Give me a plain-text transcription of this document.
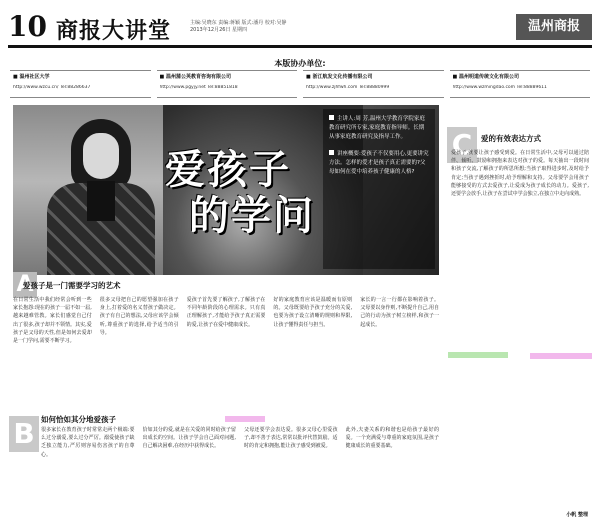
10 商报大讲堂	主编:吴晓东 责编:蒋颖 版式:潘丹 校对:吴静
2013年12月26日 星期四	温州商报
本版协办单位:
■ 温州社区大学
http://www.wzcu.cn/ Tel:88286637
■ 温州蒲公英教育咨询有限公司
http://www.pgyjy.net Tel:88851818
■ 浙江航发文化传播有限公司
http://www.zjhfwh.com Tel:88880999
■ 温州明道传统文化有限公司
http://www.wzmingdao.com Tel:88889611
爱孩子
的学问

主讲人:周 芳,温州大学教育学院家庭教育研究所专家,家庭教育指导师。长期从事家庭教育研究及指导工作。

讲座概要:爱孩子不仅要用心,更要讲究方法。怎样的爱才是孩子真正需要的?父母如何在爱中培养孩子健康的人格?

A
爱孩子是一门需要学习的艺术
在日常生活中我们经常会听到一些家长抱怨:现在的孩子一届不如一届,越来越难管教。家长们感觉自己付出了很多,孩子却并不领情。其实,爱孩子是父母的天性,但是如何去爱却是一门学问,需要不断学习。
很多父母把自己的愿望强加在孩子身上,打着爱的名义替孩子做决定。孩子有自己的想法,父母应该学会倾听,尊重孩子的选择,给予适当的引导。
爱孩子首先要了解孩子,了解孩子在不同年龄阶段的心理需求。只有真正理解孩子,才能给予孩子真正需要的爱,让孩子在爱中健康成长。
好的家庭教育应该是温暖而有原则的。父母既要给予孩子充分的关爱,也要为孩子设立清晰的规则和界限,让孩子懂得责任与担当。
家长的一言一行都在影响着孩子。父母要以身作则,不断提升自己,用自己的行动为孩子树立榜样,和孩子一起成长。
B 如何恰如其分地爱孩子
很多家长在教育孩子时常常走两个极端:要么过分溺爱,要么过分严厉。溺爱使孩子缺乏独立能力,严厉则容易伤害孩子的自尊心。
恰如其分的爱,就是在关爱的同时给孩子留出成长的空间。让孩子学会自己面对问题,自己解决困难,在经历中获得成长。
父母还要学会表达爱。很多父母心里爱孩子,却不善于表达,常常以批评代替鼓励。适时的肯定和拥抱,能让孩子感受到被爱。
此外,夫妻关系的和谐也是给孩子最好的爱。一个充满爱与尊重的家庭氛围,是孩子健康成长的重要基础。
C	爱的有效表达方式
爱孩子,就要让孩子感受到爱。在日常生活中,父母可以通过陪伴、倾听、鼓励和拥抱来表达对孩子的爱。每天抽出一段时间和孩子交流,了解孩子的所思所想;当孩子取得进步时,及时给予肯定;当孩子遇到挫折时,给予理解和支持。父母要学会用孩子能够接受的方式去爱孩子,让爱成为孩子成长的动力。爱孩子,还要学会放手,让孩子在尝试中学会独立,在独立中走向成熟。
小帆 整理
